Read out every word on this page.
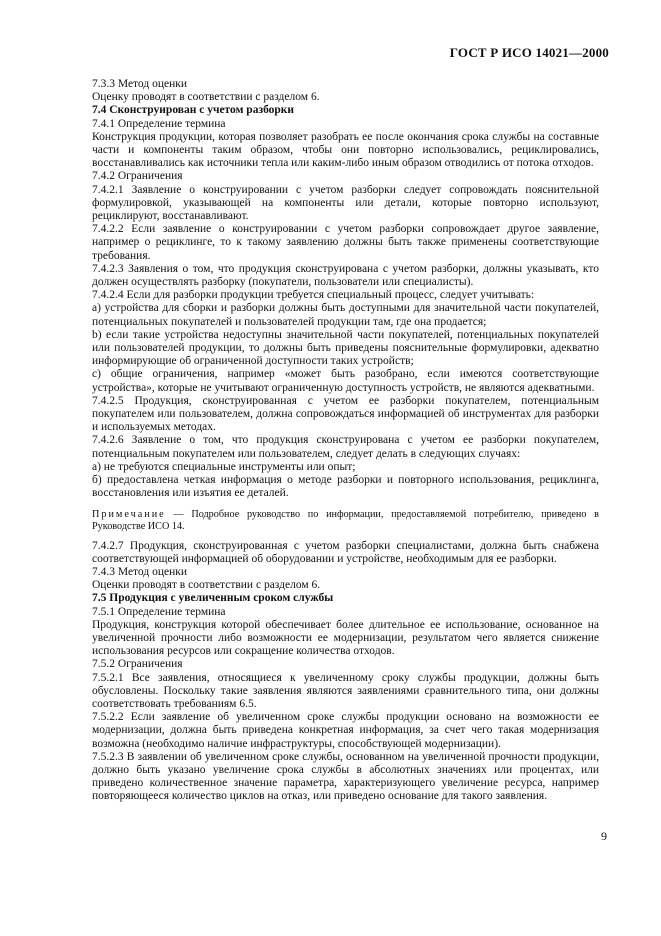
ГОСТ Р ИСО 14021—2000

7.3.3 Метод оценки

Оценку проводят в соответствии с разделом 6.

7.4 Сконструирован с учетом разборки

7.4.1 Определение термина

Конструкция продукции, которая позволяет разобрать ее после окончания срока службы на составные части и компоненты таким образом, чтобы они повторно использовались, рециклировались, восстанавливались как источники тепла или каким-либо иным образом отводились от потока отходов.

7.4.2 Ограничения

7.4.2.1 Заявление о конструировании с учетом разборки следует сопровождать пояснительной формулировкой, указывающей на компоненты или детали, которые повторно используют, рециклируют, восстанавливают.

7.4.2.2 Если заявление о конструировании с учетом разборки сопровождает другое заявление, например о рециклинге, то к такому заявлению должны быть также применены соответствующие требования.

7.4.2.3 Заявления о том, что продукция сконструирована с учетом разборки, должны указывать, кто должен осуществлять разборку (покупатели, пользователи или специалисты).

7.4.2.4 Если для разборки продукции требуется специальный процесс, следует учитывать:

а) устройства для сборки и разборки должны быть доступными для значительной части покупателей, потенциальных покупателей и пользователей продукции там, где она продается;

b) если такие устройства недоступны значительной части покупателей, потенциальных покупателей или пользователей продукции, то должны быть приведены пояснительные формулировки, адекватно информирующие об ограниченной доступности таких устройств;

с) общие ограничения, например «может быть разобрано, если имеются соответствующие устройства», которые не учитывают ограниченную доступность устройств, не являются адекватными.

7.4.2.5 Продукция, сконструированная с учетом ее разборки покупателем, потенциальным покупателем или пользователем, должна сопровождаться информацией об инструментах для разборки и используемых методах.

7.4.2.6 Заявление о том, что продукция сконструирована с учетом ее разборки покупателем, потенциальным покупателем или пользователем, следует делать в следующих случаях:

а) не требуются специальные инструменты или опыт;

б) предоставлена четкая информация о методе разборки и повторного использования, рециклинга, восстановления или изъятия ее деталей.

Примечание — Подробное руководство по информации, предоставляемой потребителю, приведено в Руководстве ИСО 14.

7.4.2.7 Продукция, сконструированная с учетом разборки специалистами, должна быть снабжена соответствующей информацией об оборудовании и устройстве, необходимым для ее разборки.

7.4.3 Метод оценки

Оценки проводят в соответствии с разделом 6.

7.5 Продукция с увеличенным сроком службы

7.5.1 Определение термина

Продукция, конструкция которой обеспечивает более длительное ее использование, основанное на увеличенной прочности либо возможности ее модернизации, результатом чего является снижение использования ресурсов или сокращение количества отходов.

7.5.2 Ограничения

7.5.2.1 Все заявления, относящиеся к увеличенному сроку службы продукции, должны быть обусловлены. Поскольку такие заявления являются заявлениями сравнительного типа, они должны соответствовать требованиям 6.5.

7.5.2.2 Если заявление об увеличенном сроке службы продукции основано на возможности ее модернизации, должна быть приведена конкретная информация, за счет чего такая модернизация возможна (необходимо наличие инфраструктуры, способствующей модернизации).

7.5.2.3 В заявлении об увеличенном сроке службы, основанном на увеличенной прочности продукции, должно быть указано увеличение срока службы в абсолютных значениях или процентах, или приведено количественное значение параметра, характеризующего увеличение ресурса, например повторяющееся количество циклов на отказ, или приведено основание для такого заявления.

9
